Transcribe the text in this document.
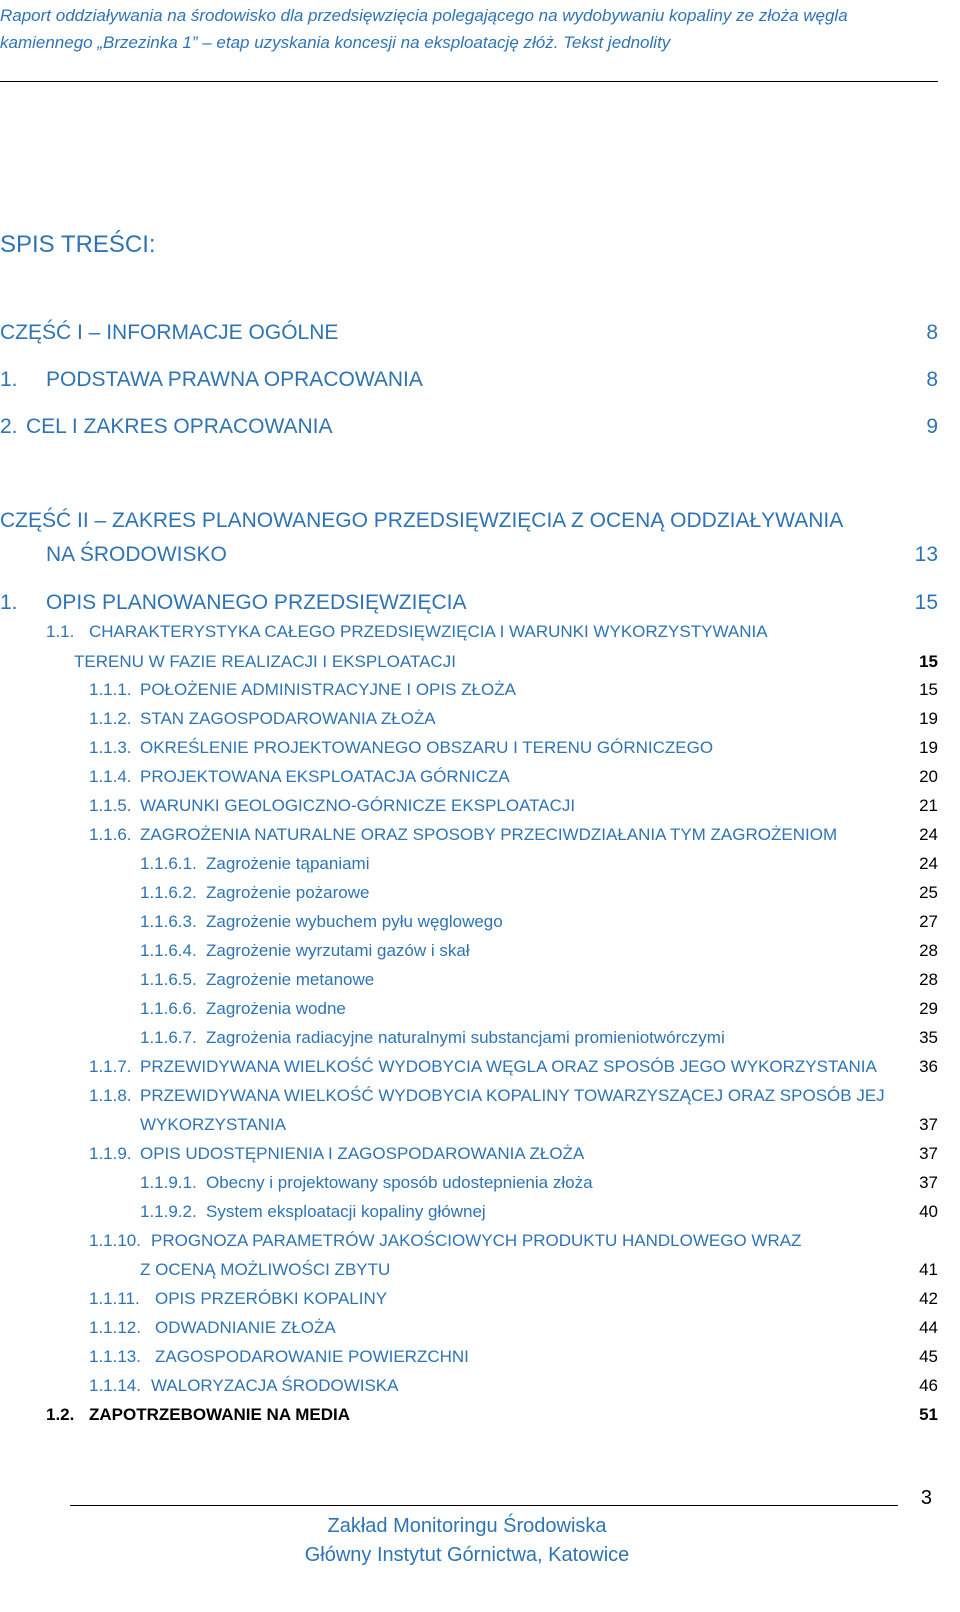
Raport oddziaływania na środowisko dla przedsięwzięcia polegającego na wydobywaniu kopaliny ze złoża węgla
kamiennego „Brzezinka 1” – etap uzyskania koncesji na eksploatację złóż. Tekst jednolity
SPIS TREŚCI:
CZĘŚĆ I – INFORMACJE OGÓLNE	8
1. PODSTAWA PRAWNA OPRACOWANIA	8
2. CEL I ZAKRES OPRACOWANIA	9
CZĘŚĆ II – ZAKRES PLANOWANEGO PRZEDSIĘWZIĘCIA Z OCENĄ ODDZIAŁYWANIA
NA ŚRODOWISKO	13
1. OPIS PLANOWANEGO PRZEDSIĘWZIĘCIA	15
1.1. CHARAKTERYSTYKA CAŁEGO PRZEDSIĘWZIĘCIA I WARUNKI WYKORZYSTYWANIA
TERENU W FAZIE REALIZACJI I EKSPLOATACJI	15
1.1.1. POŁOŻENIE ADMINISTRACYJNE I OPIS ZŁOŻA	15
1.1.2. STAN ZAGOSPODAROWANIA ZŁOŻA	19
1.1.3. OKREŚLENIE PROJEKTOWANEGO OBSZARU I TERENU GÓRNICZEGO	19
1.1.4. PROJEKTOWANA EKSPLOATACJA GÓRNICZA	20
1.1.5. WARUNKI GEOLOGICZNO-GÓRNICZE EKSPLOATACJI	21
1.1.6. ZAGROŻENIA NATURALNE ORAZ SPOSOBY PRZECIWDZIAŁANIA TYM ZAGROŻENIOM	24
1.1.6.1. Zagrożenie tąpaniami	24
1.1.6.2. Zagrożenie pożarowe	25
1.1.6.3. Zagrożenie wybuchem pyłu węglowego	27
1.1.6.4. Zagrożenie wyrzutami gazów i skał	28
1.1.6.5. Zagrożenie metanowe	28
1.1.6.6. Zagrożenia wodne	29
1.1.6.7. Zagrożenia radiacyjne naturalnymi substancjami promieniotwórczymi	35
1.1.7. PRZEWIDYWANA WIELKOŚĆ WYDOBYCIA WĘGLA ORAZ SPOSÓB JEGO WYKORZYSTANIA 36
1.1.8. PRZEWIDYWANA WIELKOŚĆ WYDOBYCIA KOPALINY TOWARZYSZĄCEJ ORAZ SPOSÓB JEJ
WYKORZYSTANIA	37
1.1.9. OPIS UDOSTĘPNIENIA I ZAGOSPODAROWANIA ZŁOŻA	37
1.1.9.1. Obecny i projektowany sposób udostepnienia złoża	37
1.1.9.2. System eksploatacji kopaliny głównej	40
1.1.10. PROGNOZA PARAMETRÓW JAKOŚCIOWYCH PRODUKTU HANDLOWEGO WRAZ
Z OCENĄ MOŻLIWOŚCI ZBYTU	41
1.1.11. OPIS PRZERÓBKI KOPALINY	42
1.1.12. ODWADNIANIE ZŁOŻA	44
1.1.13. ZAGOSPODAROWANIE POWIERZCHNI	45
1.1.14. WALORYZACJA ŚRODOWISKA	46
1.2. ZAPOTRZEBOWANIE NA MEDIA	51
3
Zakład Monitoringu Środowiska
Główny Instytut Górnictwa, Katowice
